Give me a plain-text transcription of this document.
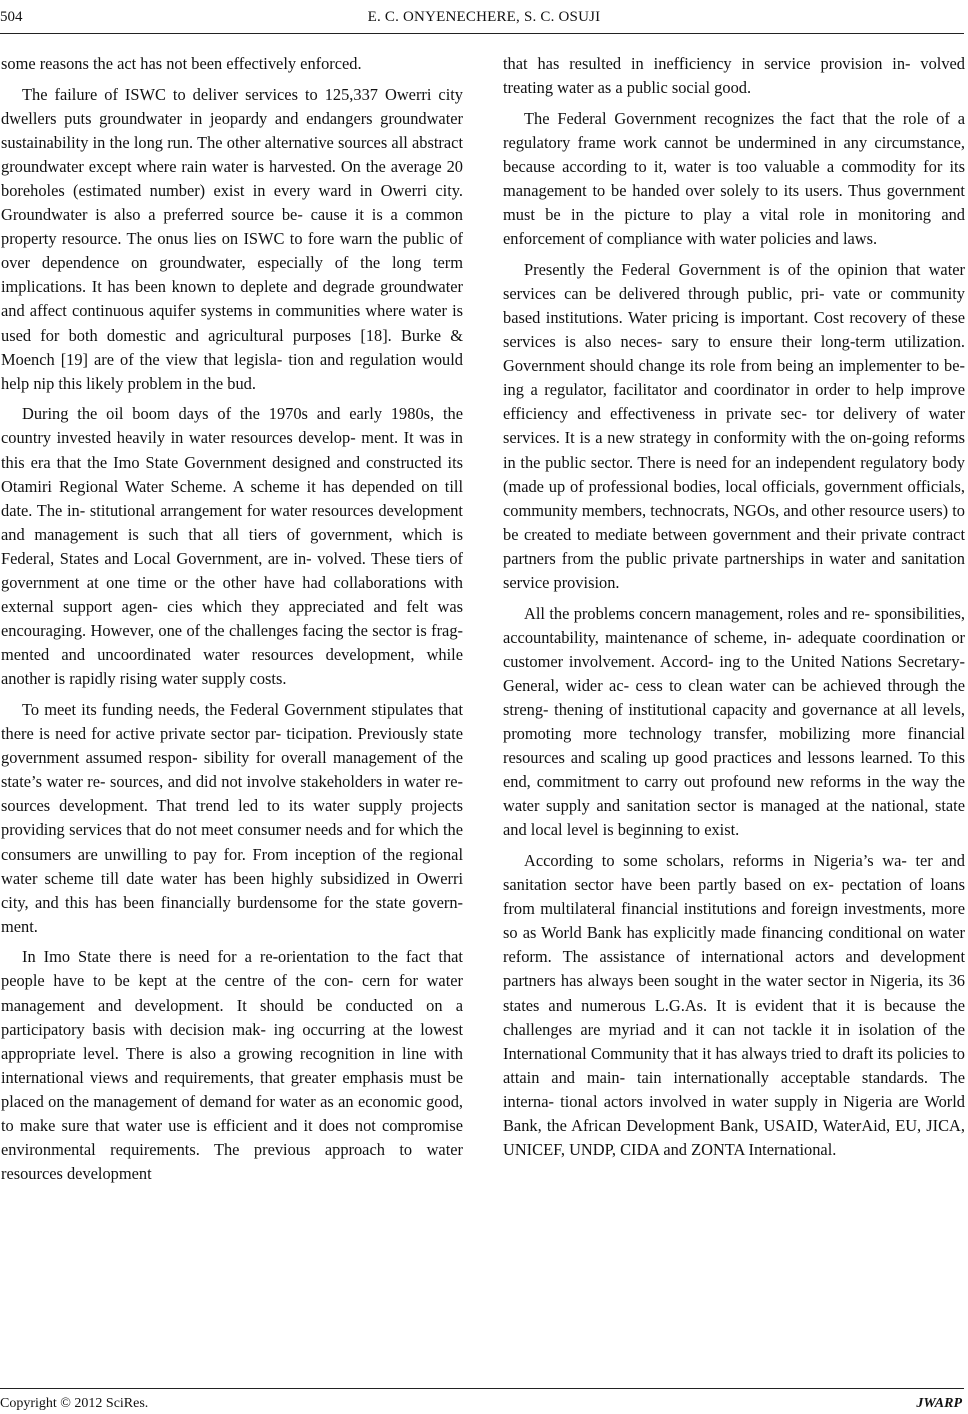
504	E. C. ONYENECHERE, S. C. OSUJI

some reasons the act has not been effectively enforced.

The failure of ISWC to deliver services to 125,337 Owerri city dwellers puts groundwater in jeopardy and endangers groundwater sustainability in the long run. The other alternative sources all abstract groundwater except where rain water is harvested. On the average 20 boreholes (estimated number) exist in every ward in Owerri city. Groundwater is also a preferred source be- cause it is a common property resource. The onus lies on ISWC to fore warn the public of over dependence on groundwater, especially of the long term implications. It has been known to deplete and degrade groundwater and affect continuous aquifer systems in communities where water is used for both domestic and agricultural purposes [18]. Burke & Moench [19] are of the view that legisla- tion and regulation would help nip this likely problem in the bud.

During the oil boom days of the 1970s and early 1980s, the country invested heavily in water resources develop- ment. It was in this era that the Imo State Government designed and constructed its Otamiri Regional Water Scheme. A scheme it has depended on till date. The in- stitutional arrangement for water resources development and management is such that all tiers of government, which is Federal, States and Local Government, are in- volved. These tiers of government at one time or the other have had collaborations with external support agen- cies which they appreciated and felt was encouraging. However, one of the challenges facing the sector is frag- mented and uncoordinated water resources development, while another is rapidly rising water supply costs.

To meet its funding needs, the Federal Government stipulates that there is need for active private sector par- ticipation. Previously state government assumed respon- sibility for overall management of the state’s water re- sources, and did not involve stakeholders in water re- sources development. That trend led to its water supply projects providing services that do not meet consumer needs and for which the consumers are unwilling to pay for. From inception of the regional water scheme till date water has been highly subsidized in Owerri city, and this has been financially burdensome for the state govern- ment.

In Imo State there is need for a re-orientation to the fact that people have to be kept at the centre of the con- cern for water management and development. It should be conducted on a participatory basis with decision mak- ing occurring at the lowest appropriate level. There is also a growing recognition in line with international views and requirements, that greater emphasis must be placed on the management of demand for water as an economic good, to make sure that water use is efficient and it does not compromise environmental requirements. The previous approach to water resources development

that has resulted in inefficiency in service provision in- volved treating water as a public social good.

The Federal Government recognizes the fact that the role of a regulatory frame work cannot be undermined in any circumstance, because according to it, water is too valuable a commodity for its management to be handed over solely to its users. Thus government must be in the picture to play a vital role in monitoring and enforcement of compliance with water policies and laws.

Presently the Federal Government is of the opinion that water services can be delivered through public, pri- vate or community based institutions. Water pricing is important. Cost recovery of these services is also neces- sary to ensure their long-term utilization. Government should change its role from being an implementer to be- ing a regulator, facilitator and coordinator in order to help improve efficiency and effectiveness in private sec- tor delivery of water services. It is a new strategy in conformity with the on-going reforms in the public sector. There is need for an independent regulatory body (made up of professional bodies, local officials, government officials, community members, technocrats, NGOs, and other resource users) to be created to mediate between government and their private contract partners from the public private partnerships in water and sanitation service provision.

All the problems concern management, roles and re- sponsibilities, accountability, maintenance of scheme, in- adequate coordination or customer involvement. Accord- ing to the United Nations Secretary-General, wider ac- cess to clean water can be achieved through the streng- thening of institutional capacity and governance at all levels, promoting more technology transfer, mobilizing more financial resources and scaling up good practices and lessons learned. To this end, commitment to carry out profound new reforms in the way the water supply and sanitation sector is managed at the national, state and local level is beginning to exist.

According to some scholars, reforms in Nigeria’s wa- ter and sanitation sector have been partly based on ex- pectation of loans from multilateral financial institutions and foreign investments, more so as World Bank has explicitly made financing conditional on water reform. The assistance of international actors and development partners has always been sought in the water sector in Nigeria, its 36 states and numerous L.G.As. It is evident that it is because the challenges are myriad and it can not tackle it in isolation of the International Community that it has always tried to draft its policies to attain and main- tain internationally acceptable standards. The interna- tional actors involved in water supply in Nigeria are World Bank, the African Development Bank, USAID, WaterAid, EU, JICA, UNICEF, UNDP, CIDA and ZONTA International.

Copyright © 2012 SciRes.	JWARP
